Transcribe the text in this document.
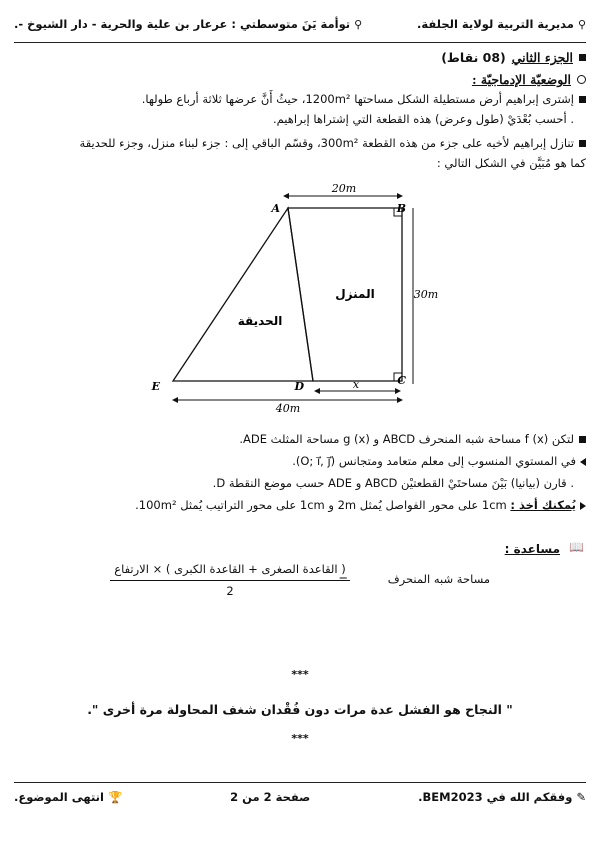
⚲
مديرية التربية لولاية الجلفة.
⚲
توأمة يَنَ متوسطتي : عرعار بن علية والحرية - دار الشيوخ -.
الجزء الثاني
(08 نقاط)
الوضعيّة الإدماجيّة :
إشترى إبراهيم أرض مستطيلة الشكل مساحتها 1200m²، حيثُ أَنَّ عرضها ثلاثة أرباع طولها.
. أحسب بُعْدَيْ (طول وعرض) هذه القطعة التي إشتراها إبراهيم.
تنازل إبراهيم لأخيه على جزء من هذه القطعة 300m²، وقسّم الباقي إلى : جزء لبناء منزل، وجزء للحديقة
كما هو مُبَيَّن في الشكل التالي :
20m
30m
A	B
C
D
E
المنزل
الحديقة
x
40m
لتكن f (x) مساحة شبه المنحرف ABCD و g (x) مساحة المثلث ADE.
في المستوي المنسوب إلى معلم متعامد ومتجانس (O; i⃗, j⃗).
. قارن (بيانيا) بَيْنَ مساحتَيْ القطعتيْن ABCD و ADE حسب موضع النقطة D.
يُمكنك أخذ : 1cm على محور الفواصل يُمثل 2m و 1cm على محور التراتيب يُمثل 100m².
📖
مساعدة :
مساحة شبه المنحرف
=
( القاعدة الصغرى + القاعدة الكبرى ) × الارتفاع
2
***
" النجاح هو الفشل عدة مرات دون فُقْدان شغف المحاولة مرة أخرى ".
***
✎ وفقكم الله في BEM2023.
صفحة 2 من 2
🏆 انتهى الموضوع.
